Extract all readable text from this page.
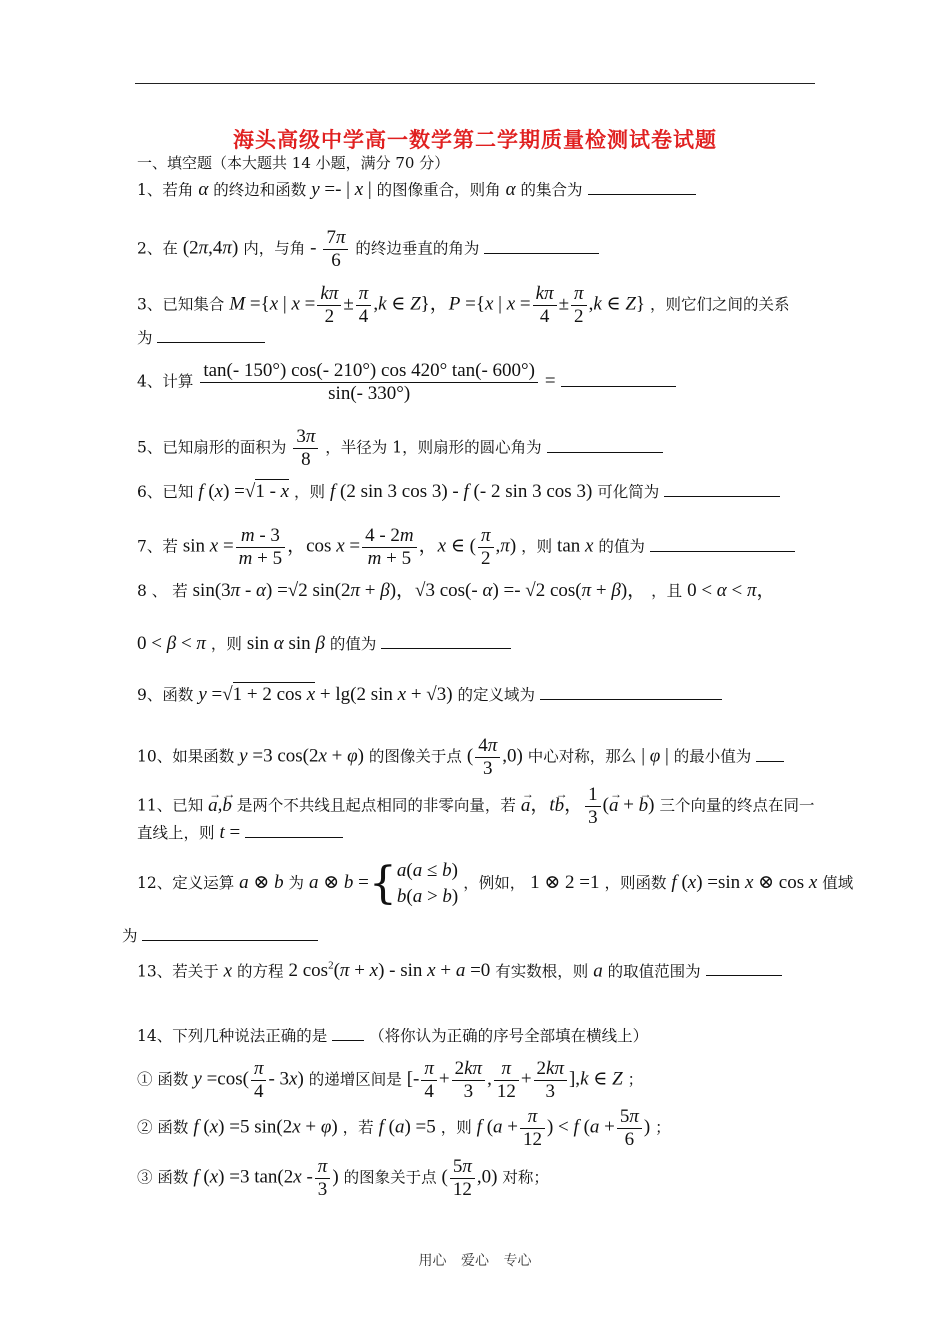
海头高级中学高一数学第二学期质量检测试卷试题
一、填空题（本大题共 14 小题，满分 70 分）
1、若角 α 的终边和函数 y =- | x | 的图像重合，则角 α 的集合为
2、在 (2π,4π) 内，与角 - $\frac{7\pi}{6}$ 的终边垂直的角为
3、已知集合 M ={x | $x = \frac{k\pi}{2} \pm \frac{\pi}{4} ,k$ ∈ Z}，P ={x | $x = \frac{k\pi}{4} \pm \frac{\pi}{2} ,k$ ∈ Z} ，则它们之间的关系
为
4、计算 $\frac{\tan(- 150^\circ) \cos(- 210^\circ) \cos 420^\circ \tan(- 600^\circ)}{\sin(- 330^\circ)}$ =
5、已知扇形的面积为 $\frac{3\pi}{8}$ ，半径为 1，则扇形的圆心角为
6、已知 f (x) =√1 - x ，则 f (2 sin 3 cos 3) - f (- 2 sin 3 cos 3) 可化简为
7、若 $\sin x = \frac{m - 3}{m + 5}$ ，$\cos x = \frac{4 - 2m}{m + 5}$ ，x ∈ ( $\frac{\pi}{2} ,\pi$) ，则 tan x 的值为
8 、 若 sin(3π - α) =√2 sin(2π + β)，√3 cos(- α) =- √2 cos(π + β)， ，且 0 < α < π，
0 < β < π ，则 sin α sin β 的值为
9、函数 y =√1 + 2 cos x + lg(2 sin x + √3) 的定义域为
10、如果函数 y =3 cos(2x + φ) 的图像关于点 ( $\frac{4\pi}{3} ,0$) 中心对称，那么 | φ | 的最小值为
11、已知 → a,→ b 是两个不共线且起点相同的非零向量，若 → a，t→ b， $\frac{1}{3}$ (→ a + → b) 三个向量的终点在同一
直线上，则 t =
12、定义运算 a ⊗ b 为 a ⊗ b ={ a(a ≤ b)
b(a > b)
，例如， 1 ⊗ 2 =1 ，则函数 f (x) =sin x ⊗ cos x 值域
为
13、若关于 x 的方程 2 $\cos^2(\pi + x) - \sin x + a =0$ 有实数根，则 a 的取值范围为
14、下列几种说法正确的是	（将你认为正确的序号全部填在横线上）
① 函数 $y =\cos( \frac{\pi}{4} - 3x)$ 的递增区间是 [- $\frac{\pi}{4} + \frac{2k\pi}{3}$ , $\frac{\pi}{12} + \frac{2k\pi}{3} ],k$ ∈ Z ；
② 函数 f (x) =5 sin(2x + φ) ，若 f (a) =5 ，则 f ($a + \frac{\pi}{12}$ ) < f ($a + \frac{5\pi}{6}$ ) ；
③ 函数 f (x) =3 $\tan(2x - \frac{\pi}{3}$ ) 的图象关于点 ( $\frac{5\pi}{12} ,0$) 对称；
用心 爱心 专心
